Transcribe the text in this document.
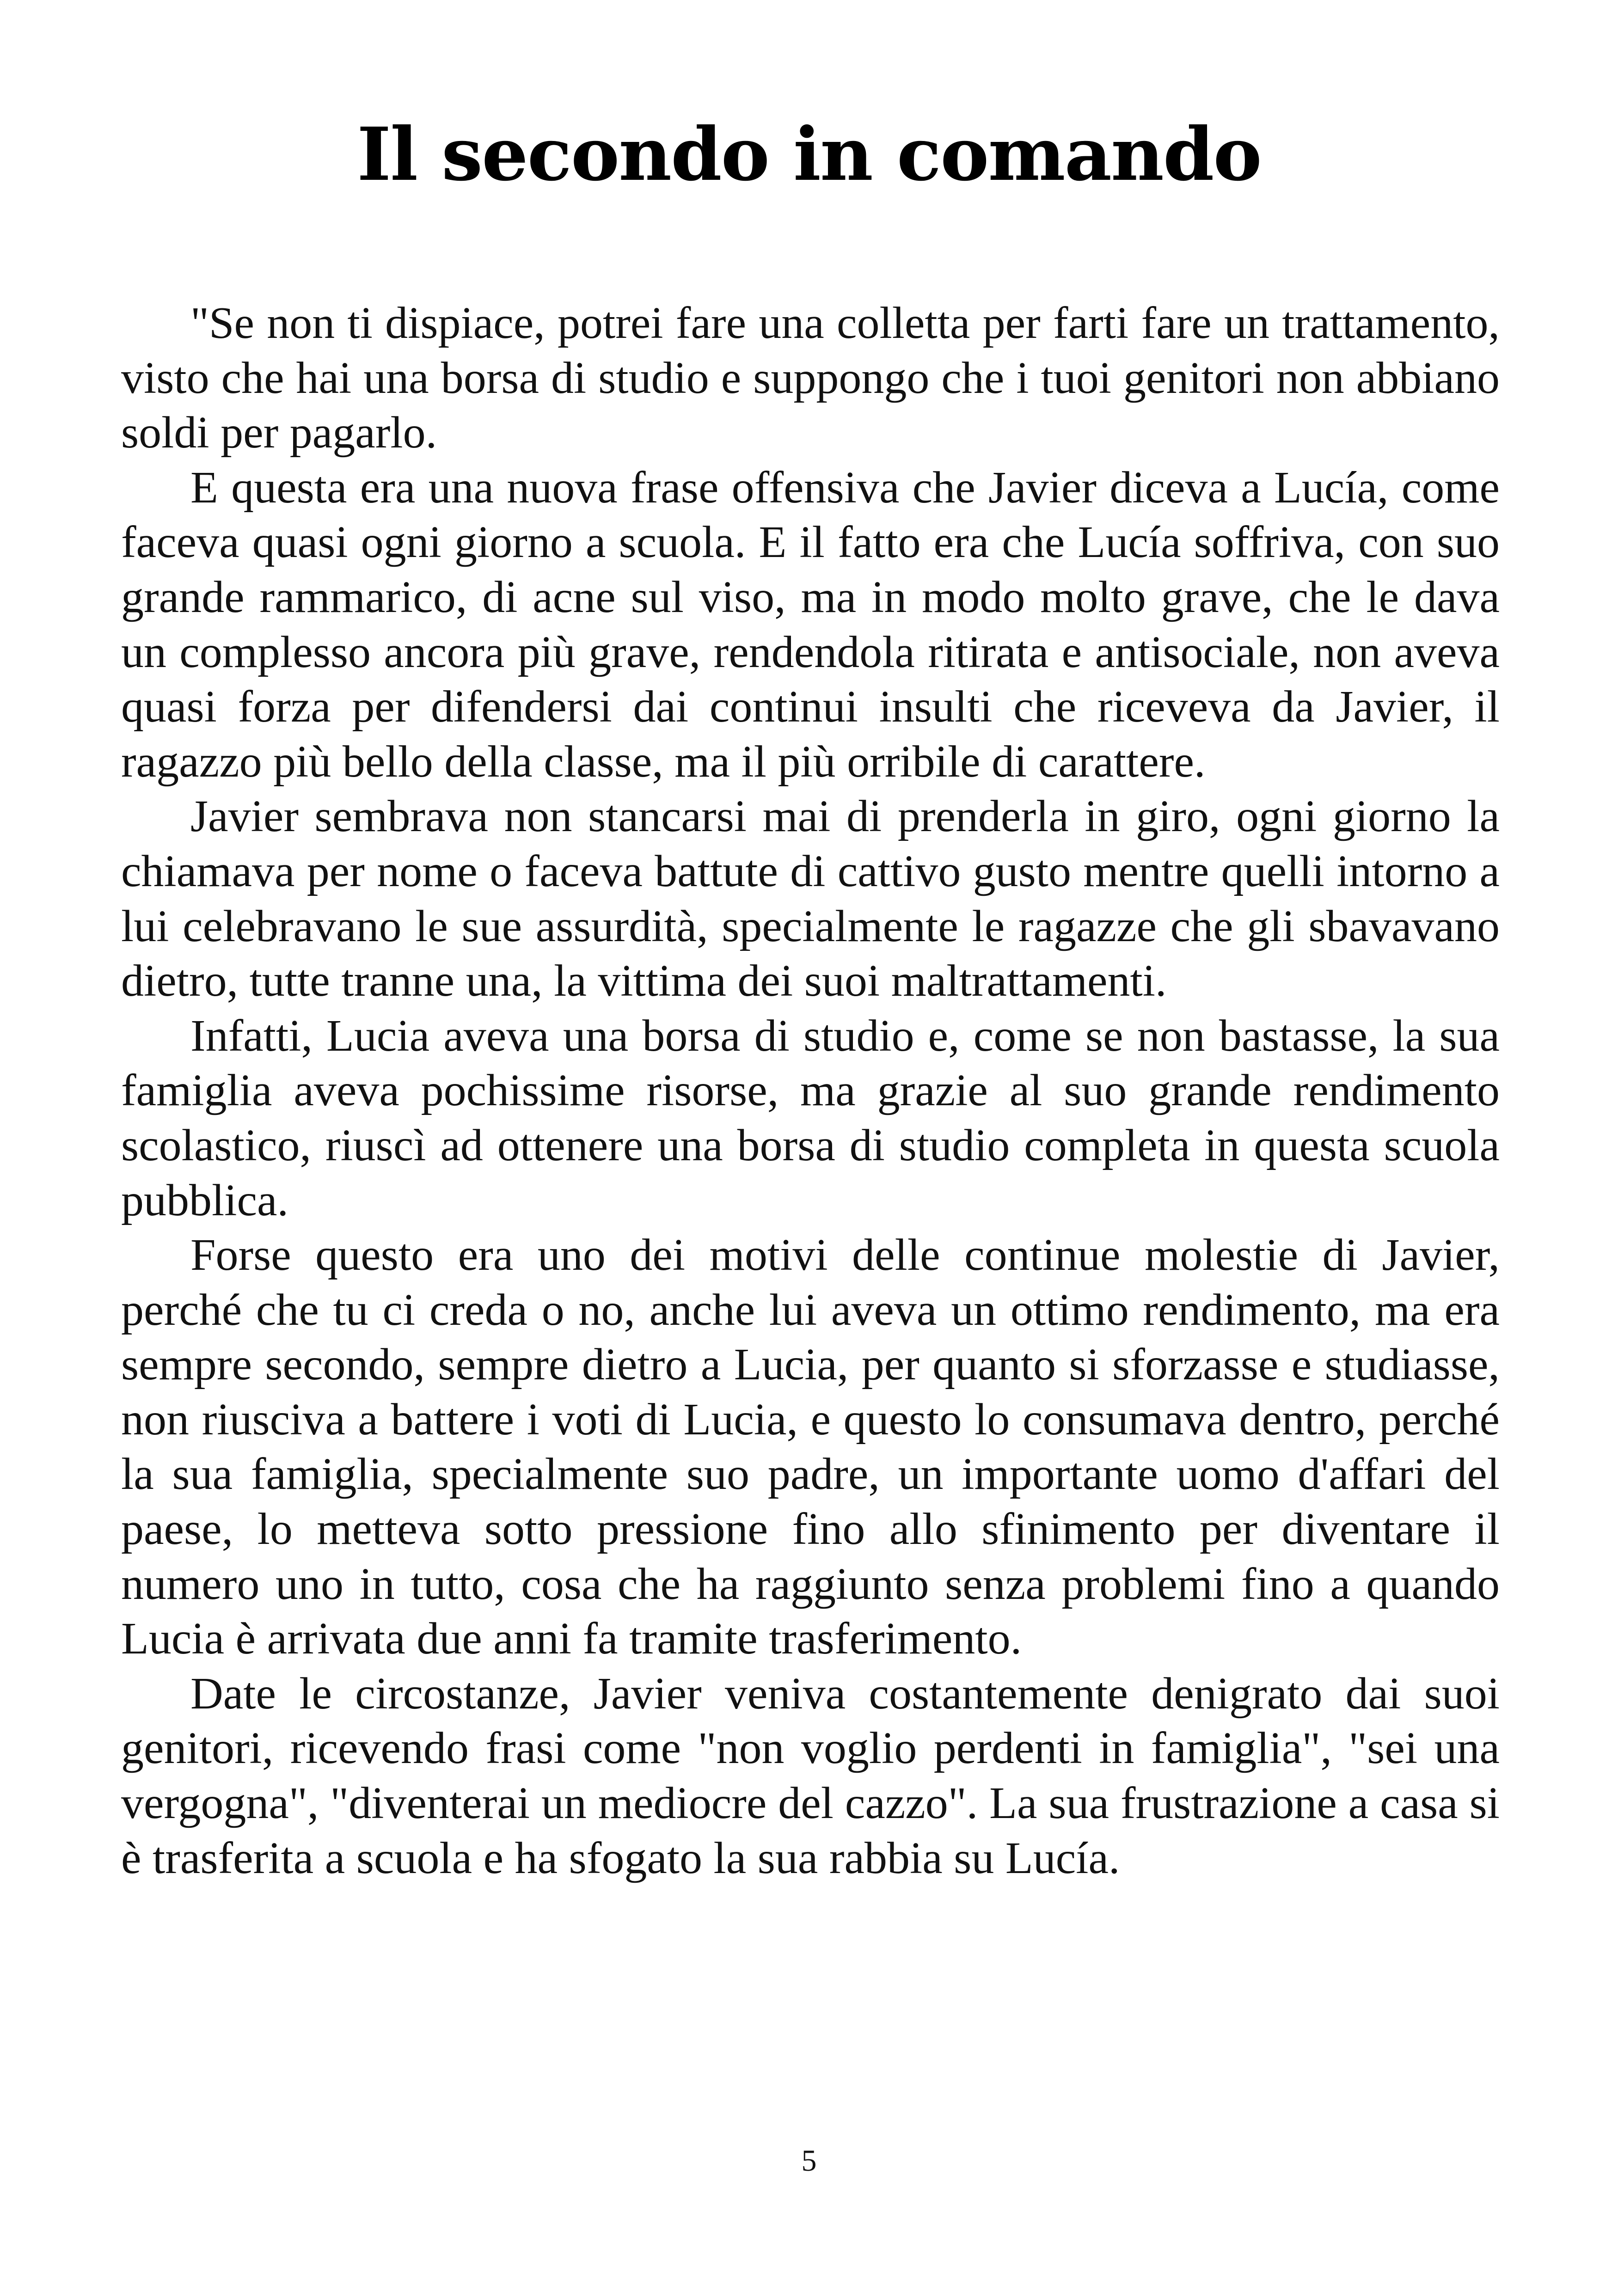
Il secondo in comando

"Se non ti dispiace, potrei fare una colletta per farti fare un trattamento, visto che hai una borsa di studio e suppongo che i tuoi genitori non abbiano soldi per pagarlo.

E questa era una nuova frase offensiva che Javier diceva a Lucía, come faceva quasi ogni giorno a scuola. E il fatto era che Lucía soffriva, con suo grande rammarico, di acne sul viso, ma in modo molto grave, che le dava un complesso ancora più grave, rendendola ritirata e antisociale, non aveva quasi forza per difendersi dai continui insulti che riceveva da Javier, il ragazzo più bello della classe, ma il più orribile di carattere.

Javier sembrava non stancarsi mai di prenderla in giro, ogni giorno la chiamava per nome o faceva battute di cattivo gusto mentre quelli intorno a lui celebravano le sue assurdità, specialmente le ragazze che gli sbavavano dietro, tutte tranne una, la vittima dei suoi maltrattamenti.

Infatti, Lucia aveva una borsa di studio e, come se non bastasse, la sua famiglia aveva pochissime risorse, ma grazie al suo grande rendimento scolastico, riuscì ad ottenere una borsa di studio completa in questa scuola pubblica.

Forse questo era uno dei motivi delle continue molestie di Javier, perché che tu ci creda o no, anche lui aveva un ottimo rendimento, ma era sempre secondo, sempre dietro a Lucia, per quanto si sforzasse e studiasse, non riusciva a battere i voti di Lucia, e questo lo consumava dentro, perché la sua famiglia, specialmente suo padre, un importante uomo d'affari del paese, lo metteva sotto pressione fino allo sfinimento per diventare il numero uno in tutto, cosa che ha raggiunto senza problemi fino a quando Lucia è arrivata due anni fa tramite trasferimento.

Date le circostanze, Javier veniva costantemente denigrato dai suoi genitori, ricevendo frasi come "non voglio perdenti in famiglia", "sei una vergogna", "diventerai un mediocre del cazzo". La sua frustrazione a casa si è trasferita a scuola e ha sfogato la sua rabbia su Lucía.

5
